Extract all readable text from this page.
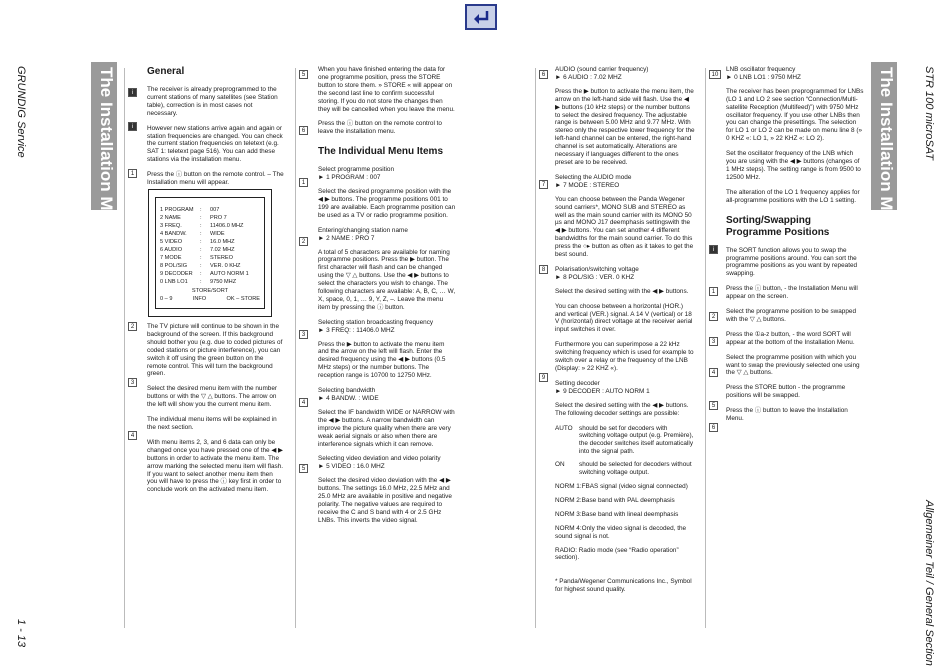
GRUNDIG Service
1 - 13
STR 100 microSAT
Allgemeiner Teil / General Section
The Installation Menu	The Installation Menu
i
i
1
2
3
4
General

The receiver is already preprogrammed to the current stations of many satellites (see Station table), correction is in most cases not necessary.

However new stations arrive again and again or station frequencies are changed. You can check the current station frequencies on teletext (e.g. SAT 1: teletext page 516). You can add these stations via the installation menu.

Press the ⓘ button on the remote control. – The Installation menu will appear.

The TV picture will continue to be shown in the background of the screen. If this background should bother you (e.g. due to coded pictures of coded stations or picture interference), you can switch it off using the green button on the remote control. This will turn the background green.

Select the desired menu item with the number buttons or with the ▽ △ buttons. The arrow on the left will show you the current menu item.

The individual menu items will be explained in the next section.

With menu items 2, 3, and 6 data can only be changed once you have pressed one of the ◀ ▶ buttons in order to activate the menu item. The arrow marking the selected menu item will flash. If you want to select another menu item then you will have to press the ⓘ key first in order to conclude work on the activated menu item.

1 PROGRAM	:	007
2 NAME	:	PRO 7
3 FREQ.	:	11406.0 MHZ
4 BANDW.	:	WIDE
5 VIDEO	:	16.0 MHZ
6 AUDIO	:	7.02 MHZ
7 MODE	:	STEREO
8 POL/SIG	:	VER. 0 KHZ
9 DECODER	:	AUTO NORM 1
0 LNB LO1	:	9750 MHZ
STORE/SORT
0 – 9	INFO	OK – STORE
5
6
1
2
3
4
5

When you have finished entering the data for one programme position, press the STORE button to store them. » STORE « will appear on the second last line to confirm successful storing. If you do not store the changes then they will be cancelled when you leave the menu.

Press the ⓘ button on the remote control to leave the installation menu.

The Individual Menu Items

Select programme position

► 1 PROGRAM : 007

Select the desired programme position with the ◀ ▶ buttons. The programme positions 001 to 199 are available. Each programme position can be used as a TV or radio programme position.

Entering/changing station name

► 2 NAME : PRO 7

A total of 5 characters are available for naming programme positions. Press the ▶ button. The first character will flash and can be changed using the ▽ △ buttons. Use the ◀ ▶ buttons to select the characters you wish to change. The following characters are available: A, B, C, … W, X, space, 0, 1, … 9, Y, Z, –. Leave the menu item by pressing the ⓘ button.

Selecting station broadcasting frequency

► 3 FREQ: : 11406.0 MHZ

Press the ▶ button to activate the menu item and the arrow on the left will flash. Enter the desired frequency using the ◀ ▶ buttons (0.5 MHz steps) or the number buttons. The reception range is 10700 to 12750 MHz.

Selecting bandwidth

► 4 BANDW. : WIDE

Select the IF bandwidth WIDE or NARROW with the ◀ ▶ buttons. A narrow bandwidth can improve the picture quality when there are very weak aerial signals or also when there are interference signals which it can remove.

Selecting video deviation and video polarity

► 5 VIDEO : 16.0 MHZ

Select the desired video deviation with the ◀ ▶ buttons. The settings 16.0 MHz, 22.5 MHz and 25.0 MHz are available in positive and negative polarity. The negative values are required to receive the C and S band with 4 or 2.5 GHz LNBs. This inverts the video signal.

6
7
8
9

AUDIO (sound carrier frequency)

► 6 AUDIO : 7.02 MHZ

Press the ▶ button to activate the menu item, the arrow on the left-hand side will flash. Use the ◀ ▶ buttons (10 kHz steps) or the number buttons to select the desired frequency. The adjustable range is between 5.00 MHz and 9.77 MHz. With stereo only the respective lower frequency for the left-hand channel can be entered, the right-hand channel is set automatically. Alterations are necessary if languages different to the ones preset are to be received.

Selecting the AUDIO mode

► 7 MODE : STEREO

You can choose between the Panda Wegener sound carriers*, MONO SUB and STEREO as well as the main sound carrier with its MONO 50 µs and MONO J17 deemphasis settingswith the ◀ ▶ buttons. You can set another 4 different bandwidths for the main sound carrier. To do this press the ○▸ button as often as it takes to get the best sound.

Polarisation/switching voltage

► 8 POL/SIG : VER. 0 KHZ

Select the desired setting with the ◀ ▶ buttons.

You can choose between a horizontal (HOR.) and vertical (VER.) signal. A 14 V (vertical) or 18 V (horizontal) direct voltage at the receiver aerial input switches it over.

Furthermore you can superimpose a 22 kHz switching frequency which is used for example to switch over a relay or the frequency of the LNB (Display: » 22 KHZ «).

Setting decoder

► 9 DECODER : AUTO NORM 1

Select the desired setting with the ◀ ▶ buttons. The following decoder settings are possible:

AUTO should be set for decoders with switching voltage output (e.g. Première), the decoder switches itself automatically into the signal path.
ON	should be selected for decoders without switching voltage output.

NORM 1:FBAS signal (video signal connected)

NORM 2:Base band with PAL deemphasis

NORM 3:Base band with lineal deemphasis

NORM 4:Only the video signal is decoded, the sound signal is not.

RADIO: Radio mode (see “Radio operation” section).

* Panda/Wegener Communications Inc., Symbol for highest sound quality.

10
i
1
2
3
4
5
6

LNB oscillator frequency

► 0 LNB LO1 : 9750 MHZ

The receiver has been preprogrammed for LNBs (LO 1 and LO 2 see section “Connection/Multi-satellite Reception (Multifeed)”) with 9750 MHz oscillator frequency. If you use other LNBs then you can change the presettings. The selection for LO 1 or LO 2 can be made on menu line 8 (» 0 KHZ «: LO 1, » 22 KHZ «: LO 2).

Set the oscillator frequency of the LNB which you are using with the ◀ ▶ buttons (changes of 1 MHz steps). The setting range is from 9500 to 12500 MHz.

The alteration of the LO 1 frequency applies for all-programme positions with the LO 1 setting.

Sorting/Swapping Programme Positions

The SORT function allows you to swap the programme positions around. You can sort the programme positions as you want by repeated swapping.

Press the ⓘ button, - the Installation Menu will appear on the screen.

Select the programme position to be swapped with the ▽ △ buttons.

Press the ①a-z button, - the word SORT will appear at the bottom of the Installation Menu.

Select the programme position with which you want to swap the previously selected one using the ▽ △ buttons.

Press the STORE button - the programme positions will be swapped.

Press the ⓘ button to leave the Installation Menu.
